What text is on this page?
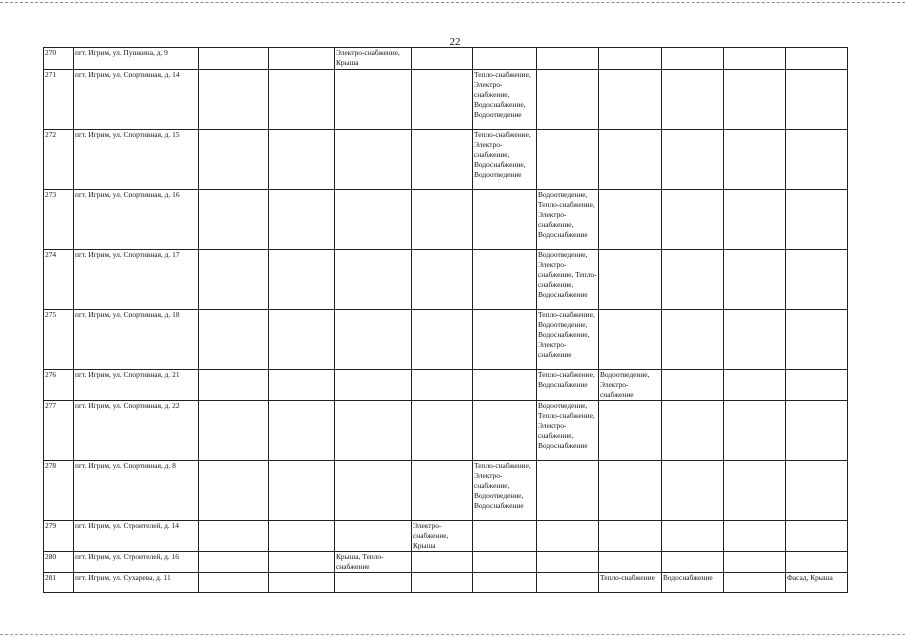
22
270	пгт. Игрим, ул. Пушкина, д. 9			Электро-снабжение, Крыша							
271	пгт. Игрим, ул. Спортивная, д. 14					Тепло-снабжение, Электро-снабжение, Водоснабжение, Водоотведение					
272	пгт. Игрим, ул. Спортивная, д. 15					Тепло-снабжение, Электро-снабжение, Водоснабжение, Водоотведение					
273	пгт. Игрим, ул. Спортивная, д. 16						Водоотведение, Тепло-снабжение, Электро-снабжение, Водоснабжение				
274	пгт. Игрим, ул. Спортивная, д. 17						Водоотведение, Электро-снабжение, Тепло-снабжение, Водоснабжение				
275	пгт. Игрим, ул. Спортивная, д. 18						Тепло-снабжение, Водоотведение, Водоснабжение, Электро-снабжение				
276	пгт. Игрим, ул. Спортивная, д. 21						Тепло-снабжение, Водоснабжение	Водоотведение, Электро-снабжение			
277	пгт. Игрим, ул. Спортивная, д. 22						Водоотведение, Тепло-снабжение, Электро-снабжение, Водоснабжение				
278	пгт. Игрим, ул. Спортивная, д. 8					Тепло-снабжение, Электро-снабжение, Водоотведение, Водоснабжение					
279	пгт. Игрим, ул. Строителей, д. 14				Электро-снабжение, Крыша						
280	пгт. Игрим, ул. Строителей, д. 16			Крыша, Тепло-снабжение							
281	пгт. Игрим, ул. Сухарева, д. 11							Тепло-снабжение	Водоснабжение		Фасад, Крыша
